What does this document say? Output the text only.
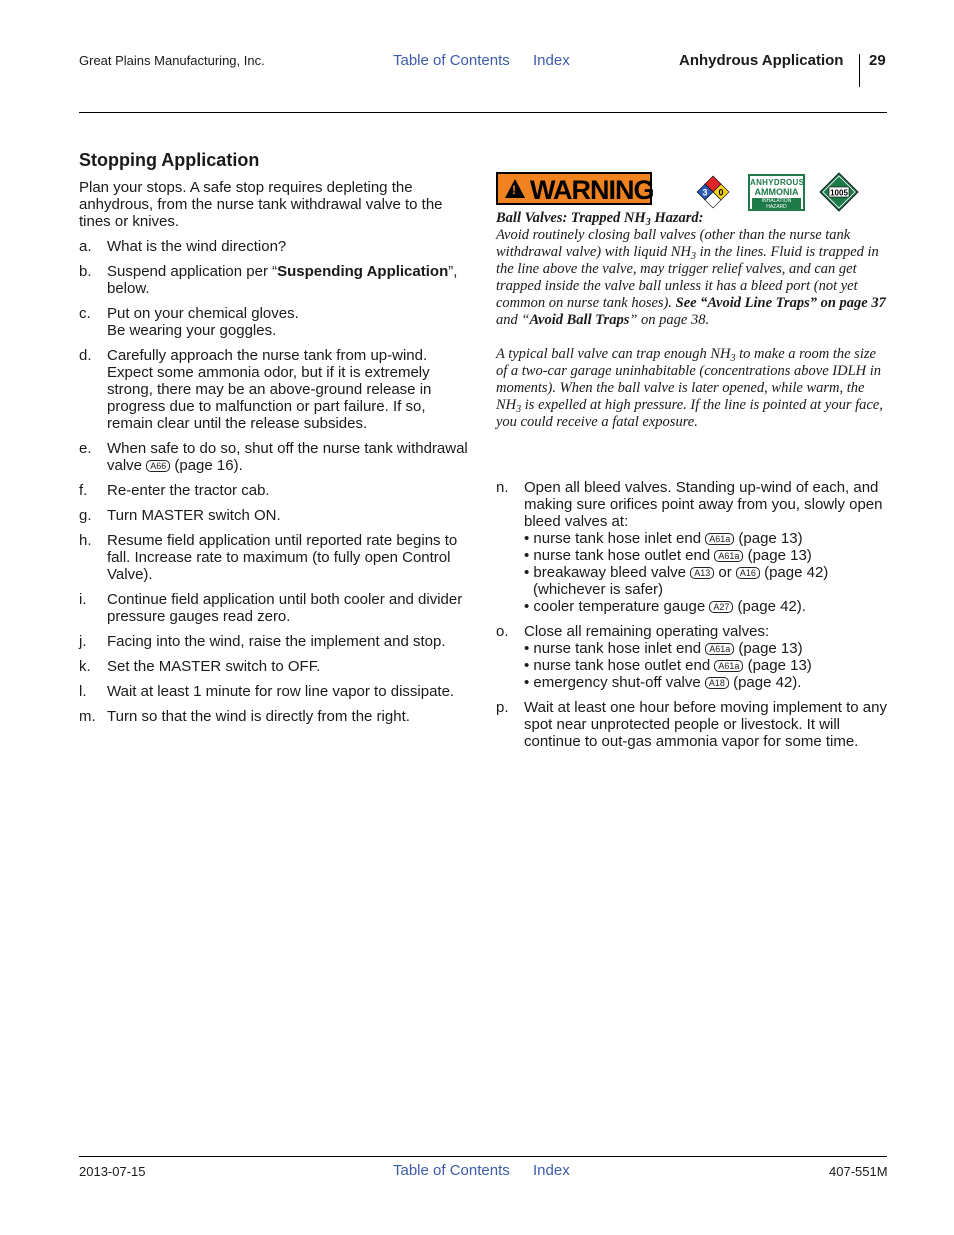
Great Plains Manufacturing, Inc.	Table of Contents Index	Anhydrous Application 29
Stopping Application

Plan your stops. A safe stop requires depleting the anhydrous, from the nurse tank withdrawal valve to the tines or knives.

a. What is the wind direction?
b. Suspend application per “Suspending Application”, below.
c. Put on your chemical gloves.
Be wearing your goggles.
d. Carefully approach the nurse tank from up-wind. Expect some ammonia odor, but if it is extremely strong, there may be an above-ground release in progress due to malfunction or part failure. If so, remain clear until the release subsides.
e. When safe to do so, shut off the nurse tank withdrawal valve A66 (page 16).
f. Re-enter the tractor cab.
g. Turn MASTER switch ON.
h. Resume field application until reported rate begins to fall. Increase rate to maximum (to fully open Control Valve).
i. Continue field application until both cooler and divider pressure gauges read zero.
j. Facing into the wind, raise the implement and stop.
k. Set the MASTER switch to OFF.
l. Wait at least 1 minute for row line vapor to dissipate.
m. Turn so that the wind is directly from the right.
! WARNING	3 0
ANHYDROUS
AMMONIA
INHALATION HAZARD
1005

Ball Valves: Trapped $NH_3$ Hazard:
Avoid routinely closing ball valves (other than the nurse tank withdrawal valve) with liquid $NH_3$ in the lines. Fluid is trapped in the line above the valve, may trigger relief valves, and can get trapped inside the valve ball unless it has a bleed port (not yet common on nurse tank hoses). See “Avoid Line Traps” on page 37 and “Avoid Ball Traps” on page 38.

A typical ball valve can trap enough $NH_3$ to make a room the size of a two-car garage uninhabitable (concentrations above IDLH in moments). When the ball valve is later opened, while warm, the $NH_3$ is expelled at high pressure. If the line is pointed at your face, you could receive a fatal exposure.

n. Open all bleed valves. Standing up-wind of each, and making sure orifices point away from you, slowly open bleed valves at:
• nurse tank hose inlet end A61a (page 13)
• nurse tank hose outlet end A61a (page 13)
• breakaway bleed valve A13 or A16 (page 42)
(whichever is safer)
• cooler temperature gauge A27 (page 42).
o. Close all remaining operating valves:
• nurse tank hose inlet end A61a (page 13)
• nurse tank hose outlet end A61a (page 13)
• emergency shut-off valve A18 (page 42).
p. Wait at least one hour before moving implement to any spot near unprotected people or livestock. It will continue to out-gas ammonia vapor for some time.
2013-07-15	Table of Contents Index	407-551M
